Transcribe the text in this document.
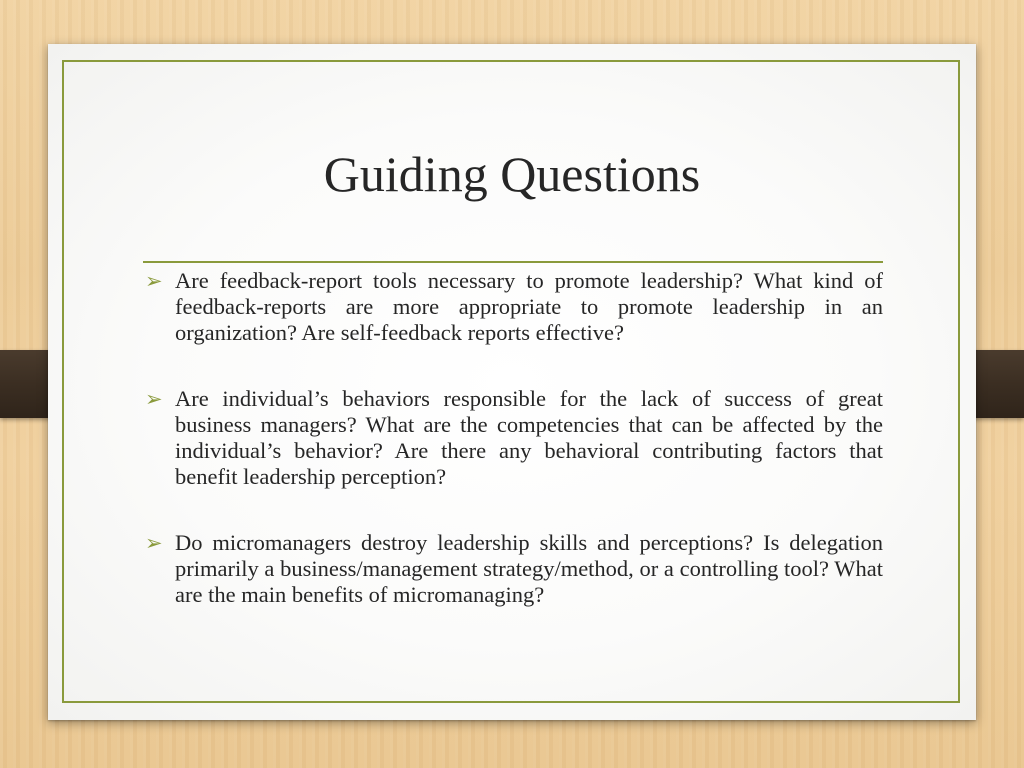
Guiding Questions
➢ Are feedback-report tools necessary to promote leadership? What kind of feedback-reports are more appropriate to promote leadership in an organization? Are self-feedback reports effective?

➢ Are individual’s behaviors responsible for the lack of success of great business managers? What are the competencies that can be affected by the individual’s behavior? Are there any behavioral contributing factors that benefit leadership perception?

➢ Do micromanagers destroy leadership skills and perceptions? Is delegation primarily a business/management strategy/method, or a controlling tool? What are the main benefits of micromanaging?
